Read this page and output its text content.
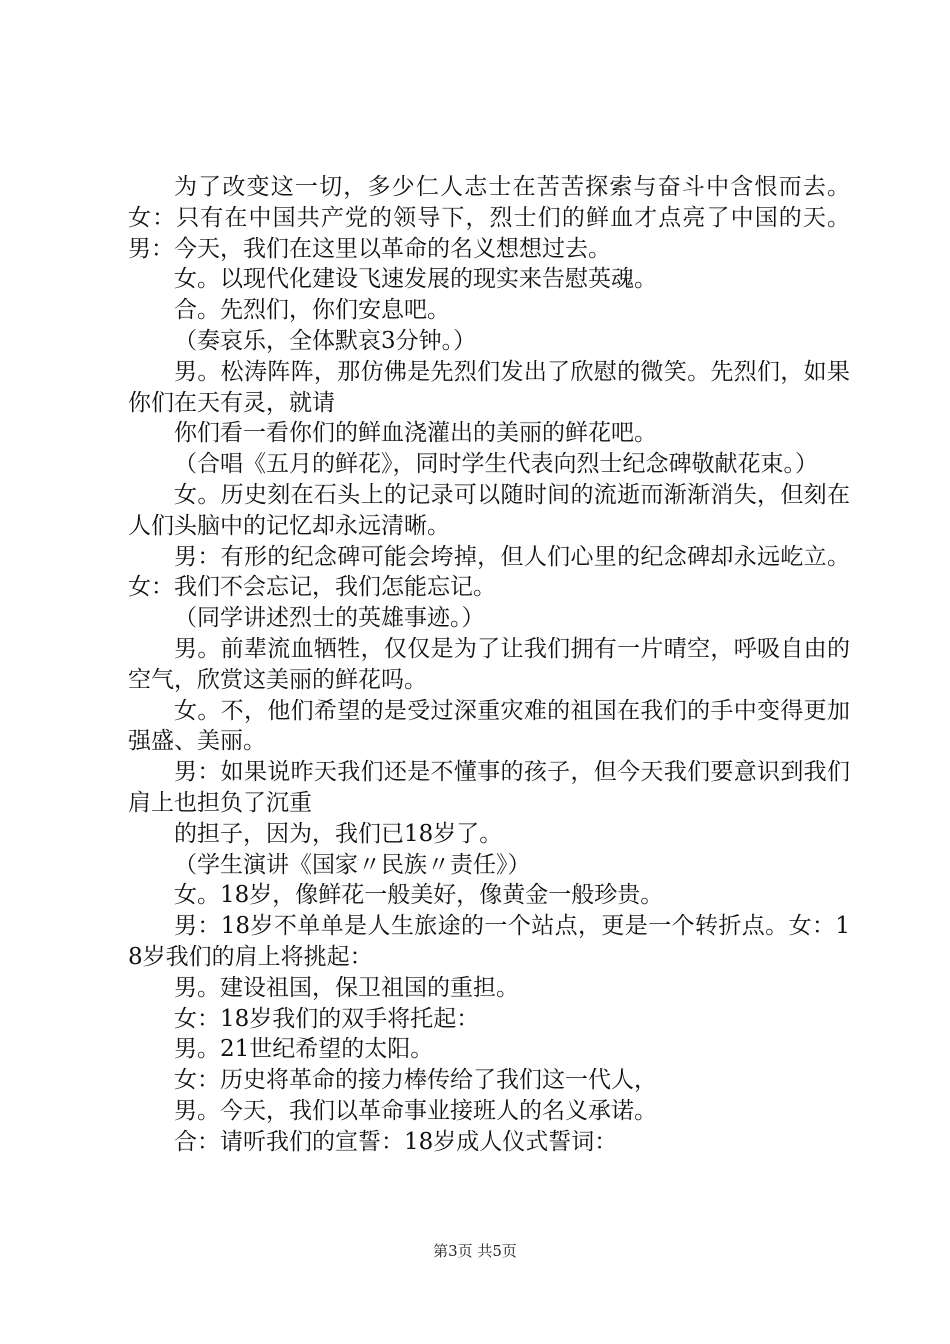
为了改变这一切，多少仁人志士在苦苦探索与奋斗中含恨而去。女：只有在中国共产党的领导下，烈士们的鲜血才点亮了中国的天。男：今天，我们在这里以革命的名义想想过去。

女。以现代化建设飞速发展的现实来告慰英魂。

合。先烈们，你们安息吧。

（奏哀乐，全体默哀3分钟。）

男。松涛阵阵，那仿佛是先烈们发出了欣慰的微笑。先烈们，如果你们在天有灵，就请

你们看一看你们的鲜血浇灌出的美丽的鲜花吧。

（合唱《五月的鲜花》，同时学生代表向烈士纪念碑敬献花束。）

女。历史刻在石头上的记录可以随时间的流逝而渐渐消失，但刻在人们头脑中的记忆却永远清晰。

男：有形的纪念碑可能会垮掉，但人们心里的纪念碑却永远屹立。女：我们不会忘记，我们怎能忘记。

（同学讲述烈士的英雄事迹。）

男。前辈流血牺牲，仅仅是为了让我们拥有一片晴空，呼吸自由的空气，欣赏这美丽的鲜花吗。

女。不，他们希望的是受过深重灾难的祖国在我们的手中变得更加强盛、美丽。

男：如果说昨天我们还是不懂事的孩子，但今天我们要意识到我们肩上也担负了沉重

的担子，因为，我们已18岁了。

（学生演讲《国家〃民族〃责任》）

女。18岁，像鲜花一般美好，像黄金一般珍贵。

男：18岁不单单是人生旅途的一个站点，更是一个转折点。女：18岁我们的肩上将挑起：

男。建设祖国，保卫祖国的重担。

女：18岁我们的双手将托起：

男。21世纪希望的太阳。

女：历史将革命的接力棒传给了我们这一代人，

男。今天，我们以革命事业接班人的名义承诺。

合：请听我们的宣誓：18岁成人仪式誓词：

第3页 共5页
